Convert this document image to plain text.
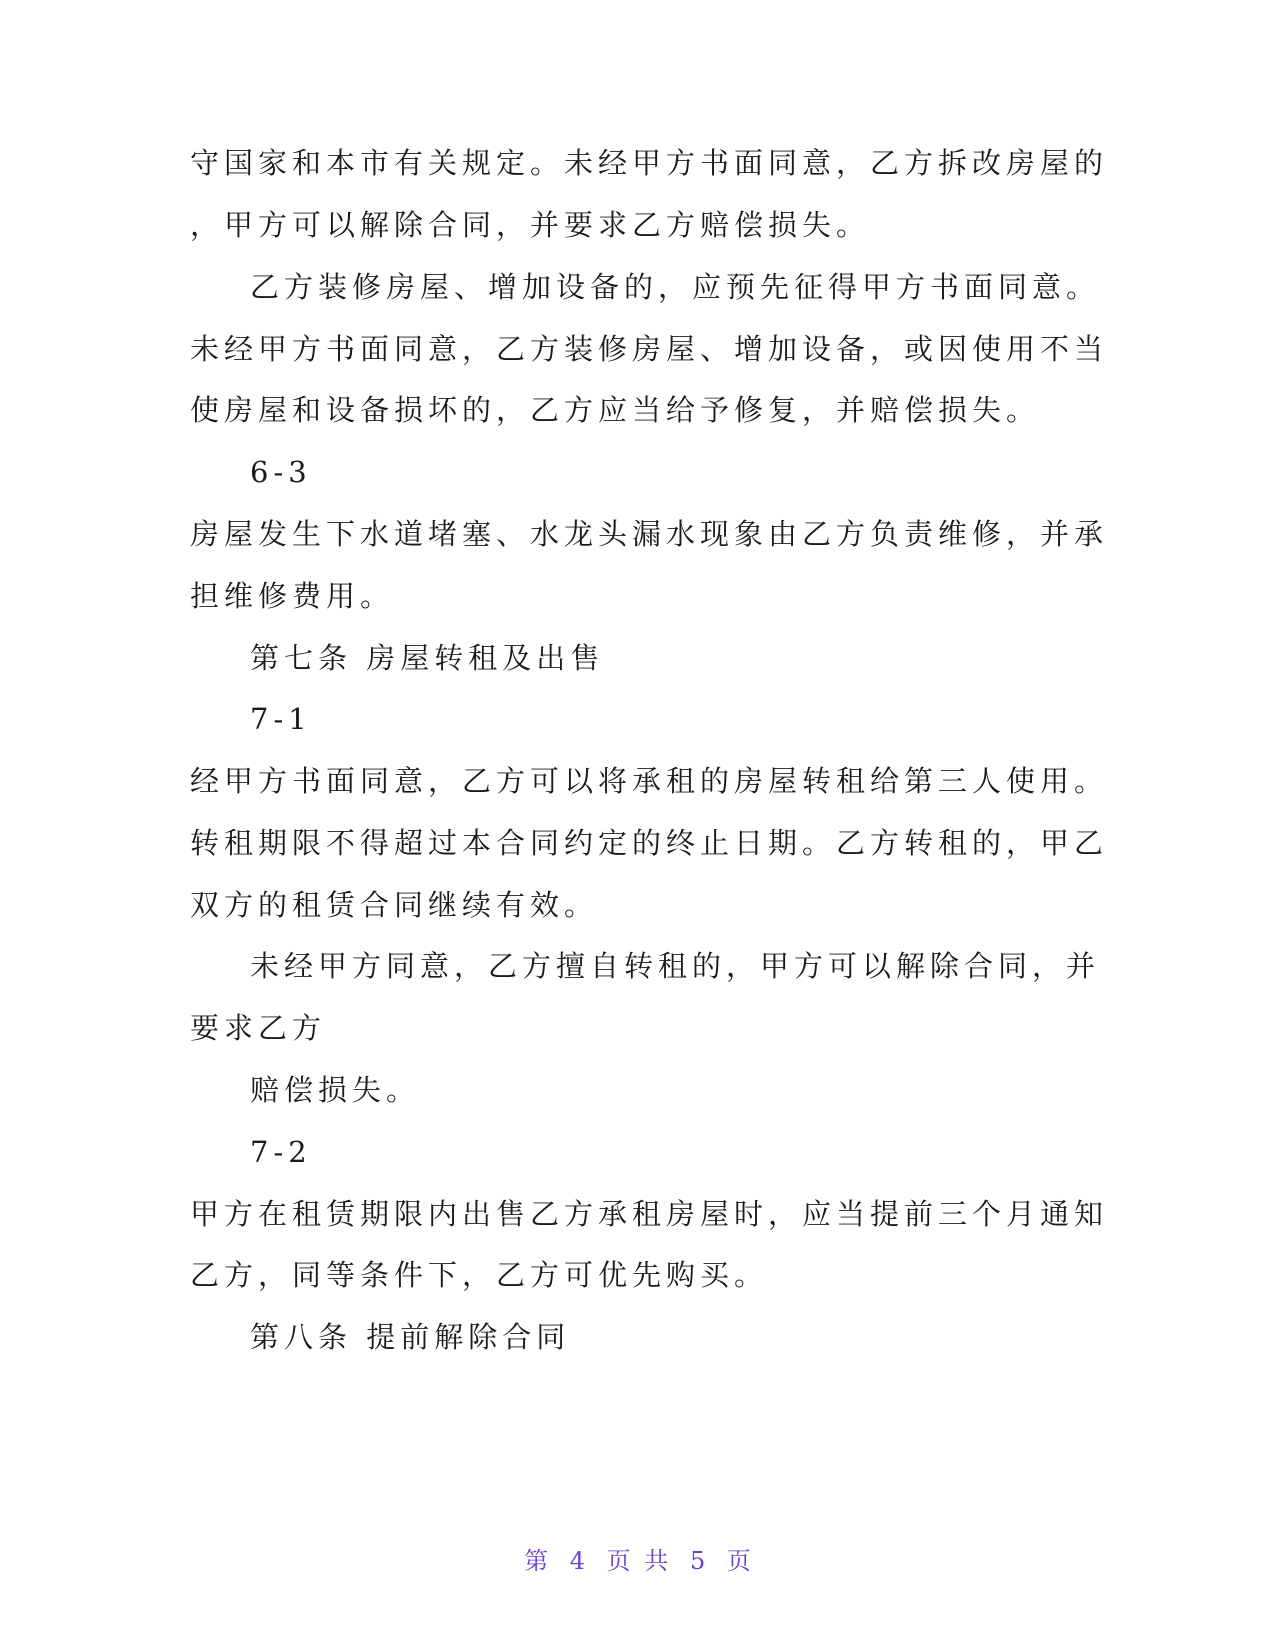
守国家和本市有关规定。未经甲方书面同意，乙方拆改房屋的
，甲方可以解除合同，并要求乙方赔偿损失。
乙方装修房屋、增加设备的，应预先征得甲方书面同意。
未经甲方书面同意，乙方装修房屋、增加设备，或因使用不当
使房屋和设备损坏的，乙方应当给予修复，并赔偿损失。
6-3
房屋发生下水道堵塞、水龙头漏水现象由乙方负责维修，并承
担维修费用。
第七条 房屋转租及出售
7-1
经甲方书面同意，乙方可以将承租的房屋转租给第三人使用。
转租期限不得超过本合同约定的终止日期。乙方转租的，甲乙
双方的租赁合同继续有效。
未经甲方同意，乙方擅自转租的，甲方可以解除合同，并
要求乙方
赔偿损失。
7-2
甲方在租赁期限内出售乙方承租房屋时，应当提前三个月通知
乙方，同等条件下，乙方可优先购买。
第八条 提前解除合同
第 4 页 共 5 页
